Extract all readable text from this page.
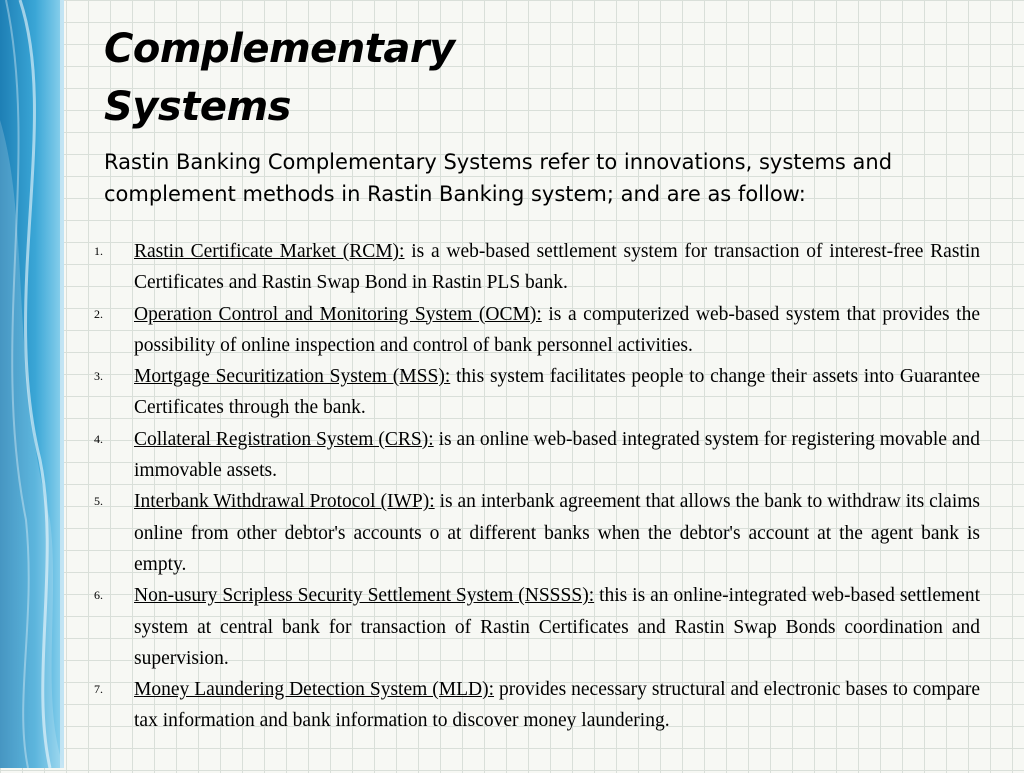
Complementary
Systems

Rastin Banking Complementary Systems refer to innovations, systems and complement methods in Rastin Banking system; and are as follow:

1. Rastin Certificate Market (RCM): is a web-based settlement system for transaction of interest-free Rastin Certificates and Rastin Swap Bond in Rastin PLS bank.
2. Operation Control and Monitoring System (OCM): is a computerized web-based system that provides the possibility of online inspection and control of bank personnel activities.
3. Mortgage Securitization System (MSS): this system facilitates people to change their assets into Guarantee Certificates through the bank.
4. Collateral Registration System (CRS): is an online web-based integrated system for registering movable and immovable assets.
5. Interbank Withdrawal Protocol (IWP): is an interbank agreement that allows the bank to withdraw its claims online from other debtor's accounts o at different banks when the debtor's account at the agent bank is empty.
6. Non-usury Scripless Security Settlement System (NSSSS): this is an online-integrated web-based settlement system at central bank for transaction of Rastin Certificates and Rastin Swap Bonds coordination and supervision.
7. Money Laundering Detection System (MLD): provides necessary structural and electronic bases to compare tax information and bank information to discover money laundering.
